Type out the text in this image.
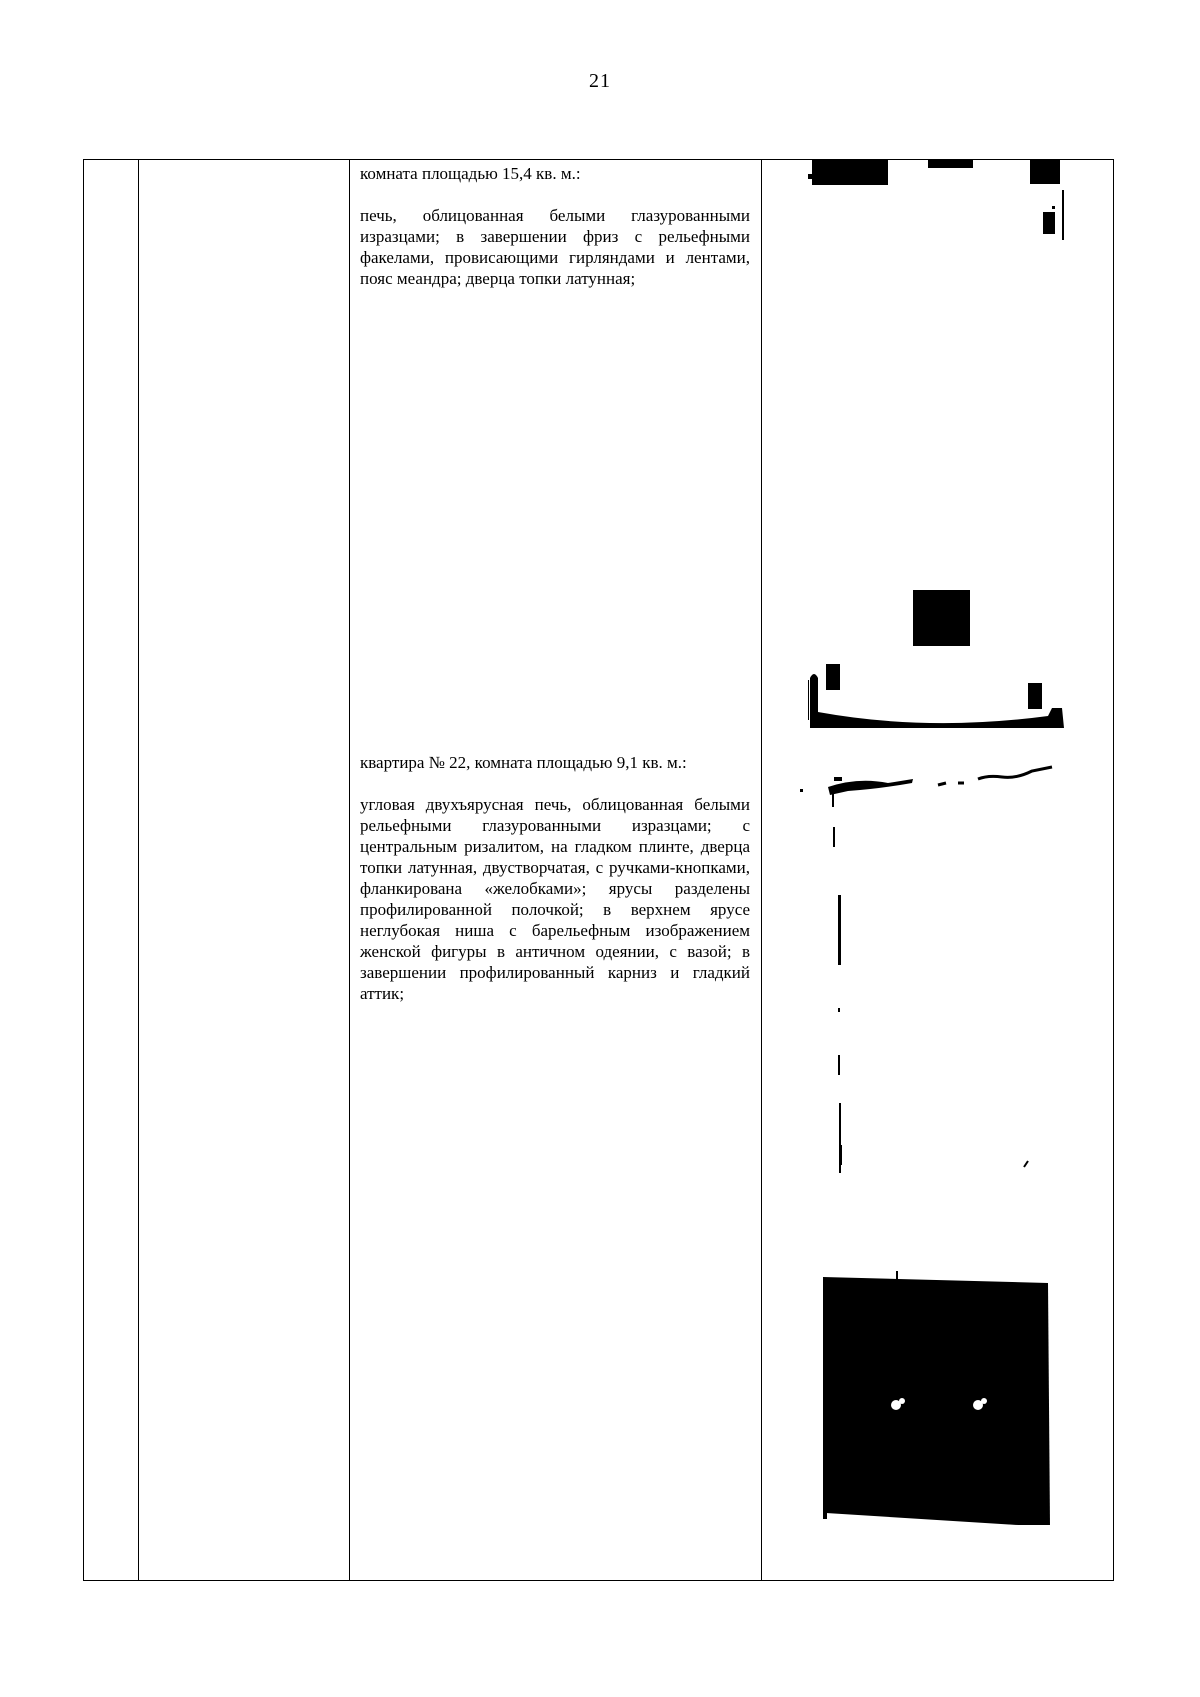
21

комната площадью 15,4 кв. м.:

печь, облицованная белыми глазурованными изразцами; в завершении фриз с рельефными факелами, провисающими гирляндами и лентами, пояс меандра; дверца топки латунная;

квартира № 22, комната площадью 9,1 кв. м.:

угловая двухъярусная печь, облицованная белыми рельефными глазурованными изразцами; с центральным ризалитом, на гладком плинте, дверца топки латунная, двустворчатая, с ручками-кнопками, фланкирована «желобками»; ярусы разделены профилированной полочкой; в верхнем ярусе неглубокая ниша с барельефным изображением женской фигуры в античном одеянии, с вазой; в завершении профилированный карниз и гладкий аттик;
